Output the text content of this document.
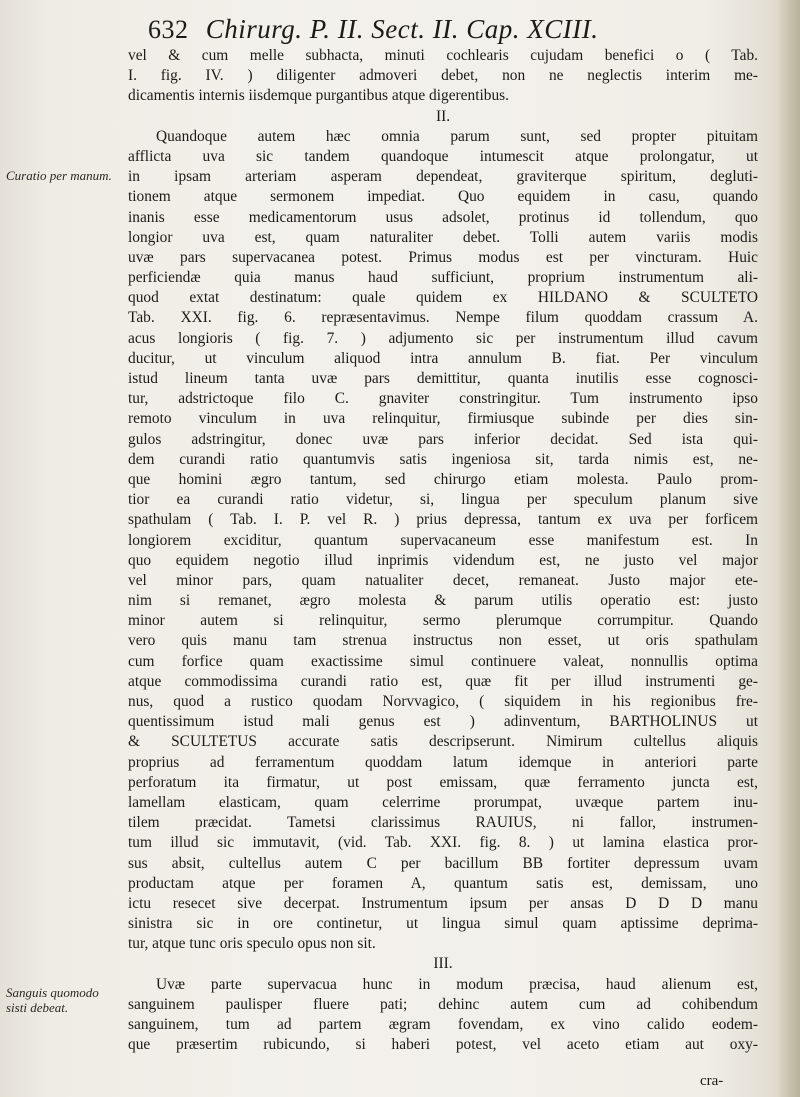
632 Chirurg. P. II. Sect. II. Cap. XCIII.
Curatio per manum.
Sanguis quomodo sisti debeat.
vel & cum melle subhacta, minuti cochlearis cujudam benefici o ( Tab.
I. fig. IV. ) diligenter admoveri debet, non ne neglectis interim me-
dicamentis internis iisdemque purgantibus atque digerentibus.
II.
Quandoque autem hæc omnia parum sunt, sed propter pituitam
afflicta uva sic tandem quandoque intumescit atque prolongatur, ut
in ipsam arteriam asperam dependeat, graviterque spiritum, degluti-
tionem atque sermonem impediat. Quo equidem in casu, quando
inanis esse medicamentorum usus adsolet, protinus id tollendum, quo
longior uva est, quam naturaliter debet. Tolli autem variis modis
uvæ pars supervacanea potest. Primus modus est per vincturam. Huic
perficiendæ quia manus haud sufficiunt, proprium instrumentum ali-
quod extat destinatum: quale quidem ex HILDANO & SCULTETO
Tab. XXI. fig. 6. repræsentavimus. Nempe filum quoddam crassum A.
acus longioris ( fig. 7. ) adjumento sic per instrumentum illud cavum
ducitur, ut vinculum aliquod intra annulum B. fiat. Per vinculum
istud lineum tanta uvæ pars demittitur, quanta inutilis esse cognosci-
tur, adstrictoque filo C. gnaviter constringitur. Tum instrumento ipso
remoto vinculum in uva relinquitur, firmiusque subinde per dies sin-
gulos adstringitur, donec uvæ pars inferior decidat. Sed ista qui-
dem curandi ratio quantumvis satis ingeniosa sit, tarda nimis est, ne-
que homini ægro tantum, sed chirurgo etiam molesta. Paulo prom-
tior ea curandi ratio videtur, si, lingua per speculum planum sive
spathulam ( Tab. I. P. vel R. ) prius depressa, tantum ex uva per forficem
longiorem exciditur, quantum supervacaneum esse manifestum est. In
quo equidem negotio illud inprimis videndum est, ne justo vel major
vel minor pars, quam natualiter decet, remaneat. Justo major ete-
nim si remanet, ægro molesta & parum utilis operatio est: justo
minor autem si relinquitur, sermo plerumque corrumpitur. Quando
vero quis manu tam strenua instructus non esset, ut oris spathulam
cum forfice quam exactissime simul continuere valeat, nonnullis optima
atque commodissima curandi ratio est, quæ fit per illud instrumenti ge-
nus, quod a rustico quodam Norvvagico, ( siquidem in his regionibus fre-
quentissimum istud mali genus est ) adinventum, BARTHOLINUS ut
& SCULTETUS accurate satis descripserunt. Nimirum cultellus aliquis
proprius ad ferramentum quoddam latum idemque in anteriori parte
perforatum ita firmatur, ut post emissam, quæ ferramento juncta est,
lamellam elasticam, quam celerrime prorumpat, uvæque partem inu-
tilem præcidat. Tametsi clarissimus RAUIUS, ni fallor, instrumen-
tum illud sic immutavit, (vid. Tab. XXI. fig. 8. ) ut lamina elastica pror-
sus absit, cultellus autem C per bacillum BB fortiter depressum uvam
productam atque per foramen A, quantum satis est, demissam, uno
ictu resecet sive decerpat. Instrumentum ipsum per ansas D D D manu
sinistra sic in ore continetur, ut lingua simul quam aptissime deprima-
tur, atque tunc oris speculo opus non sit.
III.
Uvæ parte supervacua hunc in modum præcisa, haud alienum est,
sanguinem paulisper fluere pati; dehinc autem cum ad cohibendum
sanguinem, tum ad partem ægram fovendam, ex vino calido eodem-
que præsertim rubicundo, si haberi potest, vel aceto etiam aut oxy-
cra-
